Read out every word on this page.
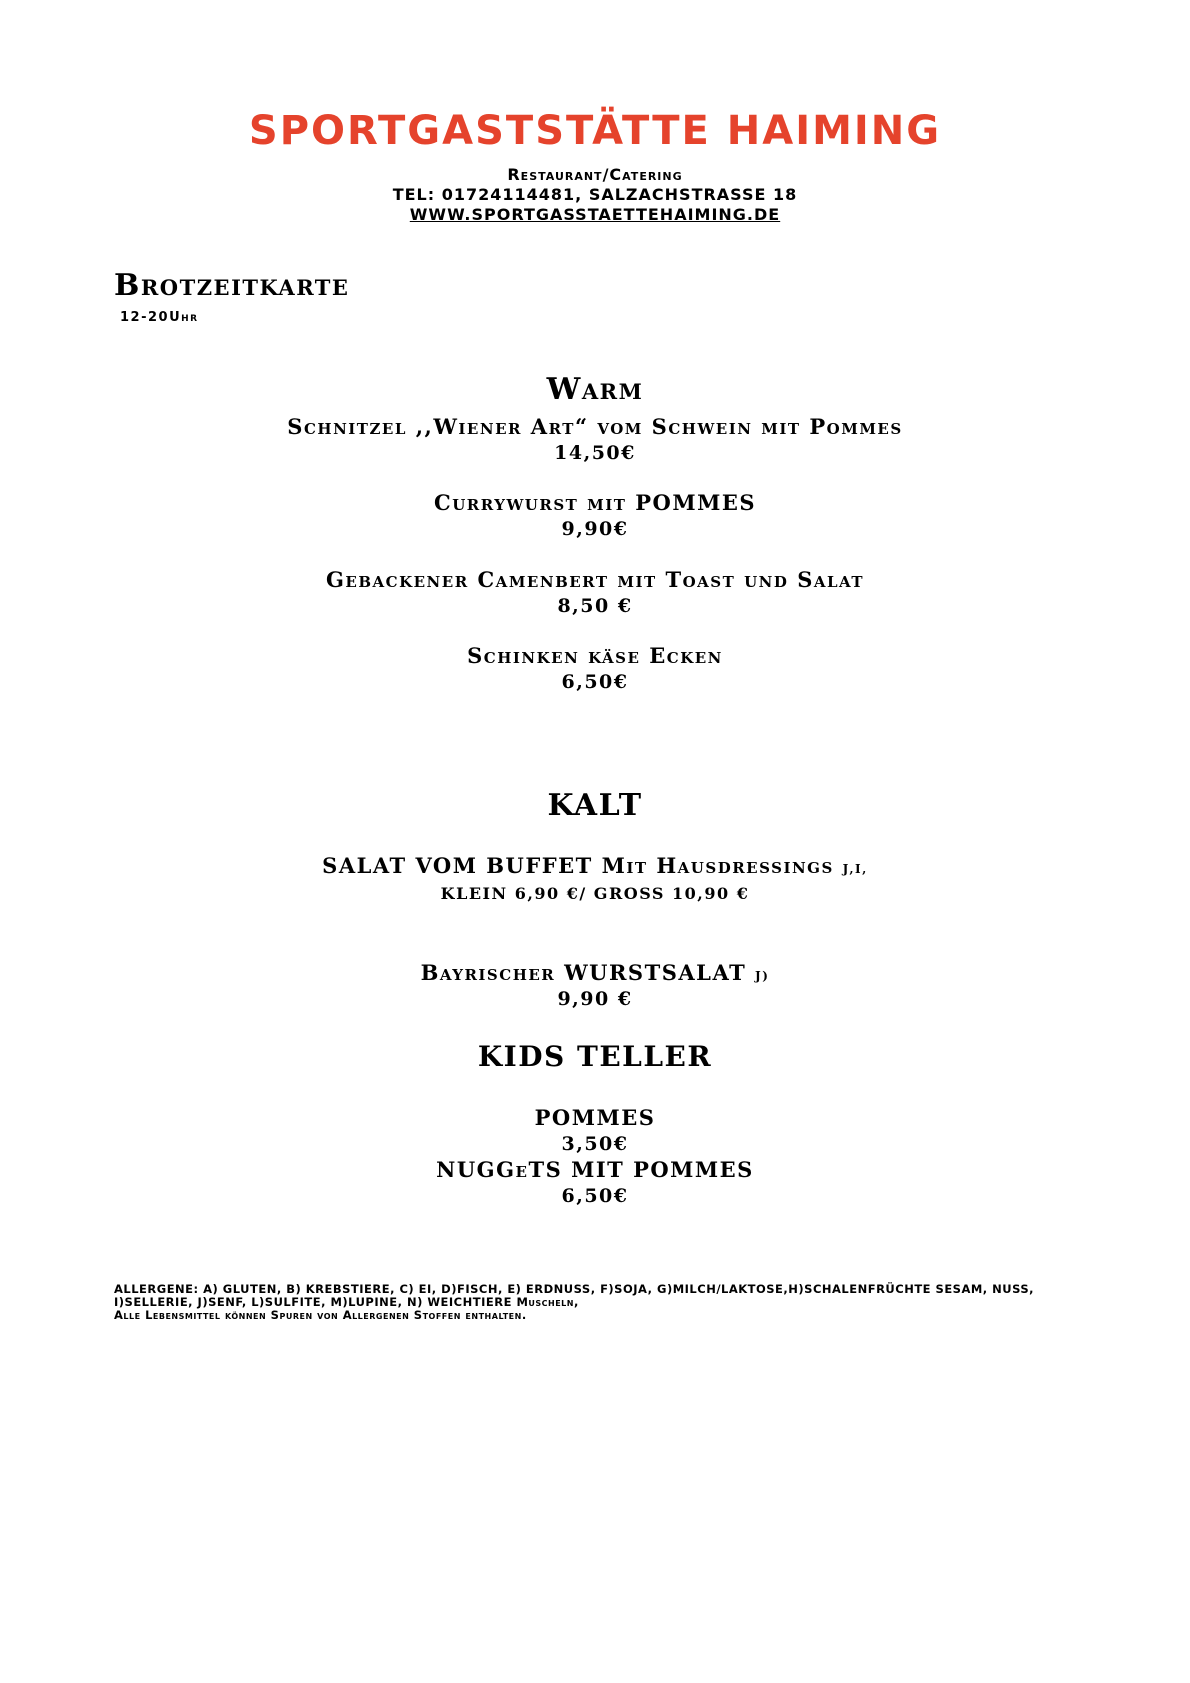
SPORTGASTSTÄTTE HAIMING
Restaurant/Catering
TEL: 01724114481, SALZACHSTRASSE 18
WWW.SPORTGASSTAETTEHAIMING.DE
Brotzeitkarte
12-20Uhr
Warm
Schnitzel ,,Wiener Art“ vom Schwein mit Pommes
14,50€
Currywurst mit POMMES
9,90€
Gebackener Camenbert mit Toast und Salat
8,50 €
Schinken käse Ecken
6,50€
KALT
SALAT VOM BUFFET Mit Hausdressings J,I,
KLEIN 6,90 €/ GROSS 10,90 €
Bayrischer WURSTSALAT J)
9,90 €
KIDS TELLER
POMMES
3,50€
NUGGeTS MIT POMMES
6,50€
ALLERGENE: A) GLUTEN, B) KREBSTIERE, C) EI, D)FISCH, E) ERDNUSS, F)SOJA, G)MILCH/LAKTOSE,H)SCHALENFRÜCHTE SESAM, NUSS,
I)SELLERIE, J)SENF, L)SULFITE, M)LUPINE, N) WEICHTIERE Muscheln,
Alle Lebensmittel können Spuren von Allergenen Stoffen enthalten.
